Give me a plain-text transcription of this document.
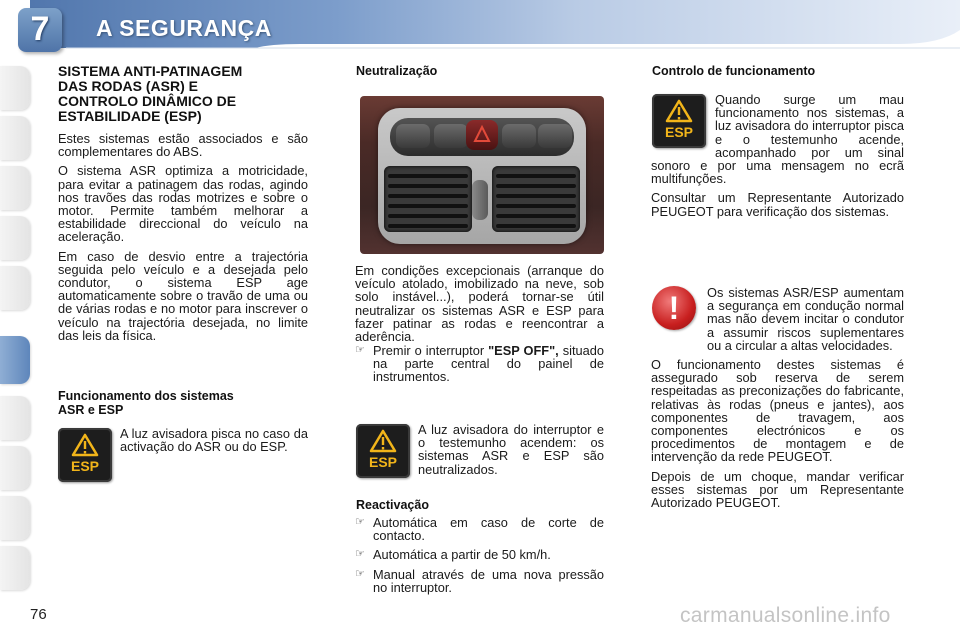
7	A SEGURANÇA
SISTEMA ANTI-PATINAGEM
DAS RODAS (ASR) E
CONTROLO DINÂMICO DE
ESTABILIDADE (ESP)

Estes sistemas estão associados e são complementares do ABS.

O sistema ASR optimiza a motricidade, para evitar a patinagem das rodas, agindo nos travões das rodas motrizes e sobre o motor. Permite também melhorar a estabilidade direccional do veículo na aceleração.

Em caso de desvio entre a trajectória seguida pelo veículo e a desejada pelo condutor, o sistema ESP age automaticamente sobre o travão de uma ou de várias rodas e no motor para inscrever o veículo na trajectória desejada, no limite das leis da física.

Funcionamento dos sistemas
ASR e ESP
ESP
A luz avisadora pisca no caso da activação do ASR ou do ESP.
Neutralização
Em condições excepcionais (arranque do veículo atolado, imobilizado na neve, sob solo instável...), poderá tornar-se útil neutralizar os sistemas ASR e ESP para fazer patinar as rodas e reencontrar a aderência.
☞ Premir o interruptor "ESP OFF", situado na parte central do painel de instrumentos.
ESP
A luz avisadora do interruptor e o testemunho acendem: os sistemas ASR e ESP são neutralizados.
Reactivação
☞ Automática em caso de corte de contacto.
☞ Automática a partir de 50 km/h.
☞ Manual através de uma nova pressão no interruptor.
Controlo de funcionamento
ESP

Quando surge um mau funcionamento nos sistemas, a luz avisadora do interruptor pisca e o testemunho acende, acompanhado por um sinal sonoro e por uma mensagem no ecrã multifunções.

Consultar um Representante Autorizado PEUGEOT para verificação dos sistemas.

!	Os sistemas ASR/ESP aumentam a segurança em condução normal mas não devem incitar o condutor a assumir riscos suplementares ou a circular a altas velocidades.

O funcionamento destes sistemas é assegurado sob reserva de serem respeitadas as preconizações do fabricante, relativas às rodas (pneus e jantes), aos componentes de travagem, aos componentes electrónicos e os procedimentos de montagem e de intervenção da rede PEUGEOT.

Depois de um choque, mandar verificar esses sistemas por um Representante Autorizado PEUGEOT.

76	carmanualsonline.info
